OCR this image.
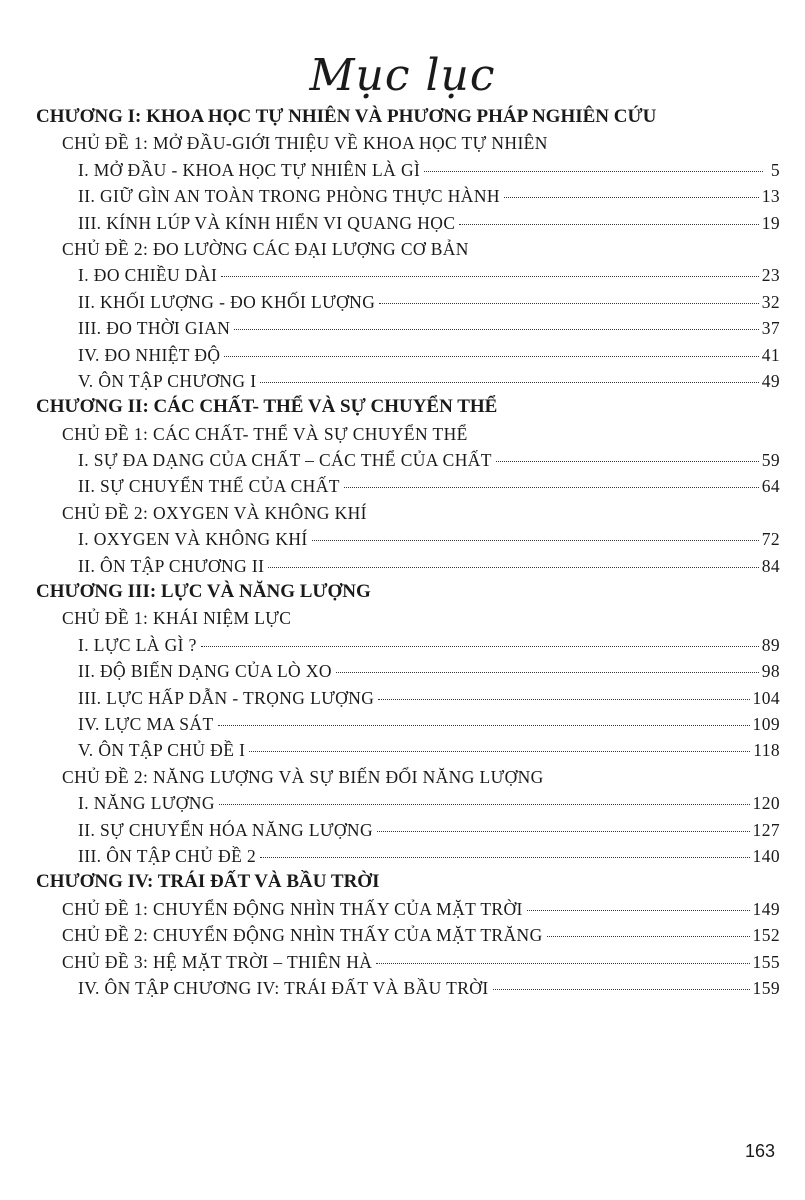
Mục lục
CHƯƠNG I: KHOA HỌC TỰ NHIÊN VÀ PHƯƠNG PHÁP NGHIÊN CỨU
CHỦ ĐỀ 1: MỞ ĐẦU-GIỚI THIỆU VỀ KHOA HỌC TỰ NHIÊN
I. MỞ ĐẦU - KHOA HỌC TỰ NHIÊN LÀ GÌ	5
II. GIỮ GÌN AN TOÀN TRONG PHÒNG THỰC HÀNH	13
III. KÍNH LÚP VÀ KÍNH HIỂN VI QUANG HỌC	19
CHỦ ĐỀ 2: ĐO LƯỜNG CÁC ĐẠI LƯỢNG CƠ BẢN
I. ĐO CHIỀU DÀI	23
II. KHỐI LƯỢNG - ĐO KHỐI LƯỢNG	32
III. ĐO THỜI GIAN	37
IV. ĐO NHIỆT ĐỘ	41
V. ÔN TẬP CHƯƠNG I	49
CHƯƠNG II: CÁC CHẤT- THỂ VÀ SỰ CHUYỂN THỂ
CHỦ ĐỀ 1: CÁC CHẤT- THỂ VÀ SỰ CHUYỂN THỂ
I. SỰ ĐA DẠNG CỦA CHẤT – CÁC THỂ CỦA CHẤT	59
II. SỰ CHUYỂN THỂ CỦA CHẤT	64
CHỦ ĐỀ 2: OXYGEN VÀ KHÔNG KHÍ
I. OXYGEN VÀ KHÔNG KHÍ	72
II. ÔN TẬP CHƯƠNG II	84
CHƯƠNG III: LỰC VÀ NĂNG LƯỢNG
CHỦ ĐỀ 1: KHÁI NIỆM LỰC
I. LỰC LÀ GÌ ?	89
II. ĐỘ BIẾN DẠNG CỦA LÒ XO	98
III. LỰC HẤP DẪN - TRỌNG LƯỢNG	104
IV. LỰC MA SÁT	109
V. ÔN TẬP CHỦ ĐỀ I	118
CHỦ ĐỀ 2: NĂNG LƯỢNG VÀ SỰ BIẾN ĐỔI NĂNG LƯỢNG
I. NĂNG LƯỢNG	120
II. SỰ CHUYỂN HÓA NĂNG LƯỢNG	127
III. ÔN TẬP CHỦ ĐỀ 2	140
CHƯƠNG IV: TRÁI ĐẤT VÀ BẦU TRỜI
CHỦ ĐỀ 1: CHUYỂN ĐỘNG NHÌN THẤY CỦA MẶT TRỜI	149
CHỦ ĐỀ 2: CHUYỂN ĐỘNG NHÌN THẤY CỦA MẶT TRĂNG	152
CHỦ ĐỀ 3: HỆ MẶT TRỜI – THIÊN HÀ	155
IV. ÔN TẬP CHƯƠNG IV: TRÁI ĐẤT VÀ BẦU TRỜI	159
163
